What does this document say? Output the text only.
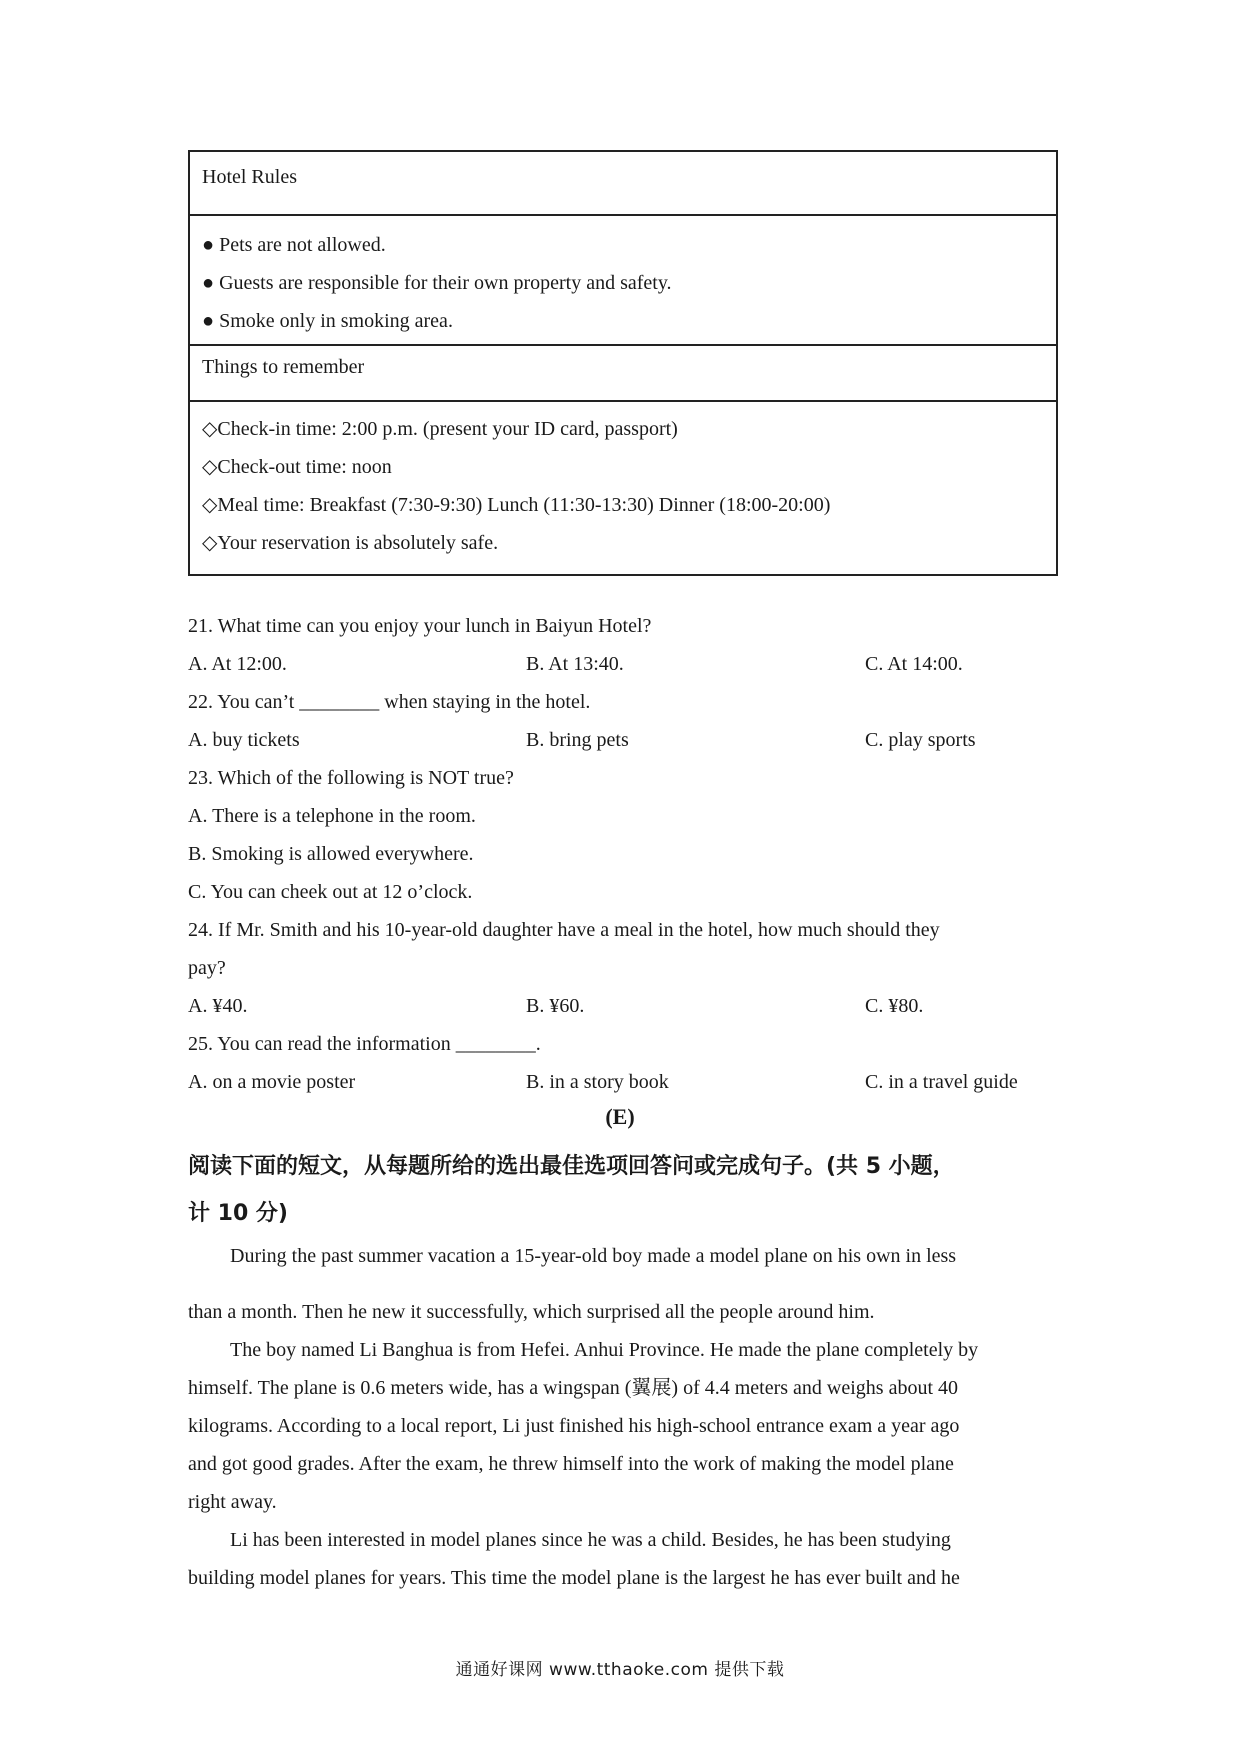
Hotel Rules
● Pets are not allowed.
● Guests are responsible for their own property and safety.
● Smoke only in smoking area.
Things to remember
◇Check-in time: 2:00 p.m. (present your ID card, passport)
◇Check-out time: noon
◇Meal time: Breakfast (7:30-9:30) Lunch (11:30-13:30) Dinner (18:00-20:00)
◇Your reservation is absolutely safe.
21. What time can you enjoy your lunch in Baiyun Hotel?
A. At 12:00.	B. At 13:40.	C. At 14:00.
22. You can’t ________ when staying in the hotel.
A. buy tickets	B. bring pets	C. play sports
23. Which of the following is NOT true?
A. There is a telephone in the room.
B. Smoking is allowed everywhere.
C. You can cheek out at 12 o’clock.
24. If Mr. Smith and his 10-year-old daughter have a meal in the hotel, how much should they
pay?
A. ¥40.	B. ¥60.	C. ¥80.
25. You can read the information ________.
A. on a movie poster	B. in a story book	C. in a travel guide
(E)
阅读下面的短文，从每题所给的选出最佳选项回答问或完成句子。(共 5 小题，
计 10 分)
During the past summer vacation a 15-year-old boy made a model plane on his own in less
than a month. Then he new it successfully, which surprised all the people around him.
The boy named Li Banghua is from Hefei. Anhui Province. He made the plane completely by
himself. The plane is 0.6 meters wide, has a wingspan (翼展) of 4.4 meters and weighs about 40
kilograms. According to a local report, Li just finished his high-school entrance exam a year ago
and got good grades. After the exam, he threw himself into the work of making the model plane
right away.
Li has been interested in model planes since he was a child. Besides, he has been studying
building model planes for years. This time the model plane is the largest he has ever built and he
通通好课网 www.tthaoke.com 提供下载
